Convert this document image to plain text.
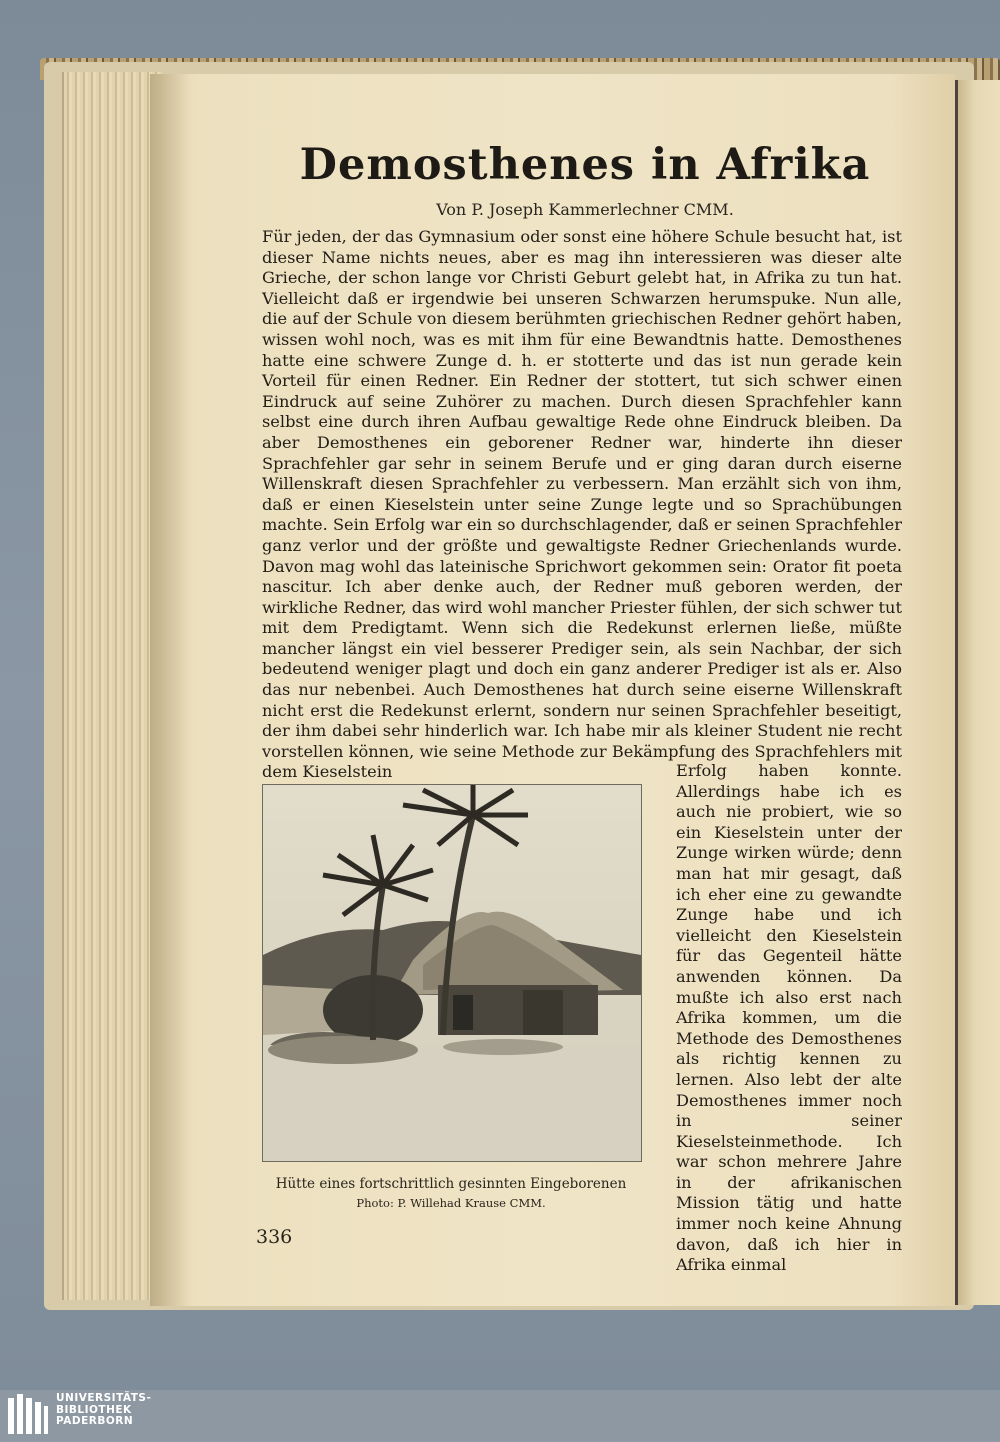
Demosthenes in Afrika
Von P. Joseph Kammerlechner CMM.

Für jeden, der das Gymnasium oder sonst eine höhere Schule besucht hat, ist dieser Name nichts neues, aber es mag ihn interessieren was dieser alte Grieche, der schon lange vor Christi Geburt gelebt hat, in Afrika zu tun hat. Vielleicht daß er irgendwie bei unseren Schwarzen herumspuke. Nun alle, die auf der Schule von diesem berühmten griechischen Redner gehört haben, wissen wohl noch, was es mit ihm für eine Bewandtnis hatte. Demosthenes hatte eine schwere Zunge d. h. er stotterte und das ist nun gerade kein Vorteil für einen Redner. Ein Redner der stottert, tut sich schwer einen Eindruck auf seine Zuhörer zu machen. Durch diesen Sprachfehler kann selbst eine durch ihren Aufbau gewaltige Rede ohne Eindruck bleiben. Da aber Demosthenes ein geborener Redner war, hinderte ihn dieser Sprachfehler gar sehr in seinem Berufe und er ging daran durch eiserne Willenskraft diesen Sprachfehler zu verbessern. Man erzählt sich von ihm, daß er einen Kieselstein unter seine Zunge legte und so Sprachübungen machte. Sein Erfolg war ein so durchschlagender, daß er seinen Sprachfehler ganz verlor und der größte und gewaltigste Redner Griechenlands wurde. Davon mag wohl das lateinische Sprichwort gekommen sein: Orator fit poeta nascitur. Ich aber denke auch, der Redner muß geboren werden, der wirkliche Redner, das wird wohl mancher Priester fühlen, der sich schwer tut mit dem Predigtamt. Wenn sich die Redekunst erlernen ließe, müßte mancher längst ein viel besserer Prediger sein, als sein Nachbar, der sich bedeutend weniger plagt und doch ein ganz anderer Prediger ist als er. Also das nur nebenbei. Auch Demosthenes hat durch seine eiserne Willenskraft nicht erst die Redekunst erlernt, sondern nur seinen Sprachfehler beseitigt, der ihm dabei sehr hinderlich war. Ich habe mir als kleiner Student nie recht vorstellen können, wie seine Methode zur Bekämpfung des Sprachfehlers mit dem Kieselstein

Hütte eines fortschrittlich gesinnten Eingeborenen
Photo: P. Willehad Krause CMM.

Erfolg haben konnte. Allerdings habe ich es auch nie probiert, wie so ein Kieselstein unter der Zunge wirken würde; denn man hat mir gesagt, daß ich eher eine zu gewandte Zunge habe und ich vielleicht den Kieselstein für das Gegenteil hätte anwenden können. Da mußte ich also erst nach Afrika kommen, um die Methode des Demosthenes als richtig kennen zu lernen. Also lebt der alte Demosthenes immer noch in seiner Kieselsteinmethode. Ich war schon mehrere Jahre in der afrikanischen Mission tätig und hatte immer noch keine Ahnung davon, daß ich hier in Afrika einmal

336
UNIVERSITÄTS-
BIBLIOTHEK
PADERBORN
